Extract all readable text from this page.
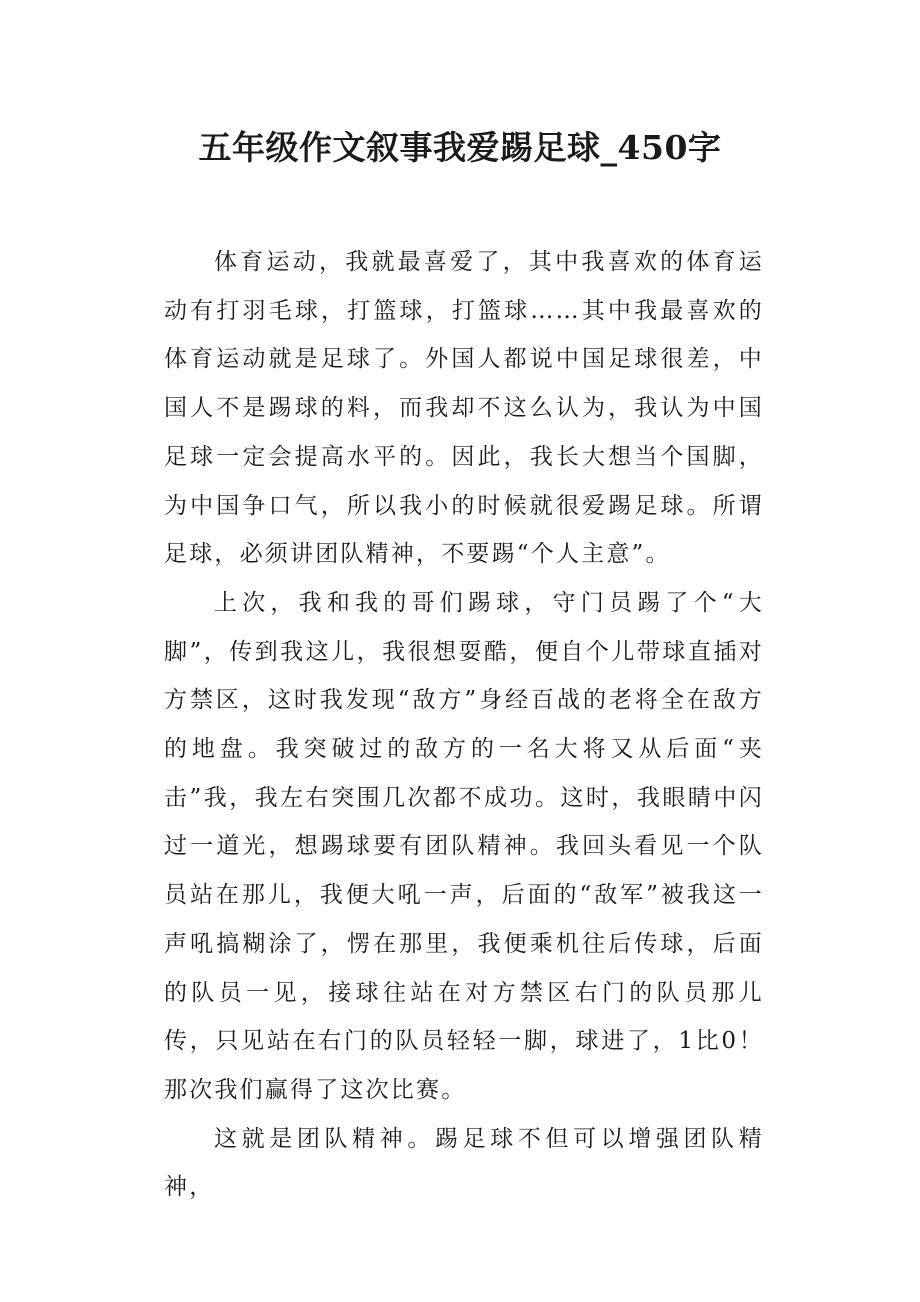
五年级作文叙事我爱踢足球_450字

体育运动，我就最喜爱了，其中我喜欢的体育运动有打羽毛球，打篮球，打篮球……其中我最喜欢的体育运动就是足球了。外国人都说中国足球很差，中国人不是踢球的料，而我却不这么认为，我认为中国足球一定会提高水平的。因此，我长大想当个国脚，为中国争口气，所以我小的时候就很爱踢足球。所谓足球，必须讲团队精神，不要踢“个人主意”。

上次，我和我的哥们踢球，守门员踢了个“大脚”，传到我这儿，我很想耍酷，便自个儿带球直插对方禁区，这时我发现“敌方”身经百战的老将全在敌方的地盘。我突破过的敌方的一名大将又从后面“夹击”我，我左右突围几次都不成功。这时，我眼睛中闪过一道光，想踢球要有团队精神。我回头看见一个队员站在那儿，我便大吼一声，后面的“敌军”被我这一声吼搞糊涂了，愣在那里，我便乘机往后传球，后面的队员一见，接球往站在对方禁区右门的队员那儿传，只见站在右门的队员轻轻一脚，球进了，1比0！那次我们赢得了这次比赛。

这就是团队精神。踢足球不但可以增强团队精神，
